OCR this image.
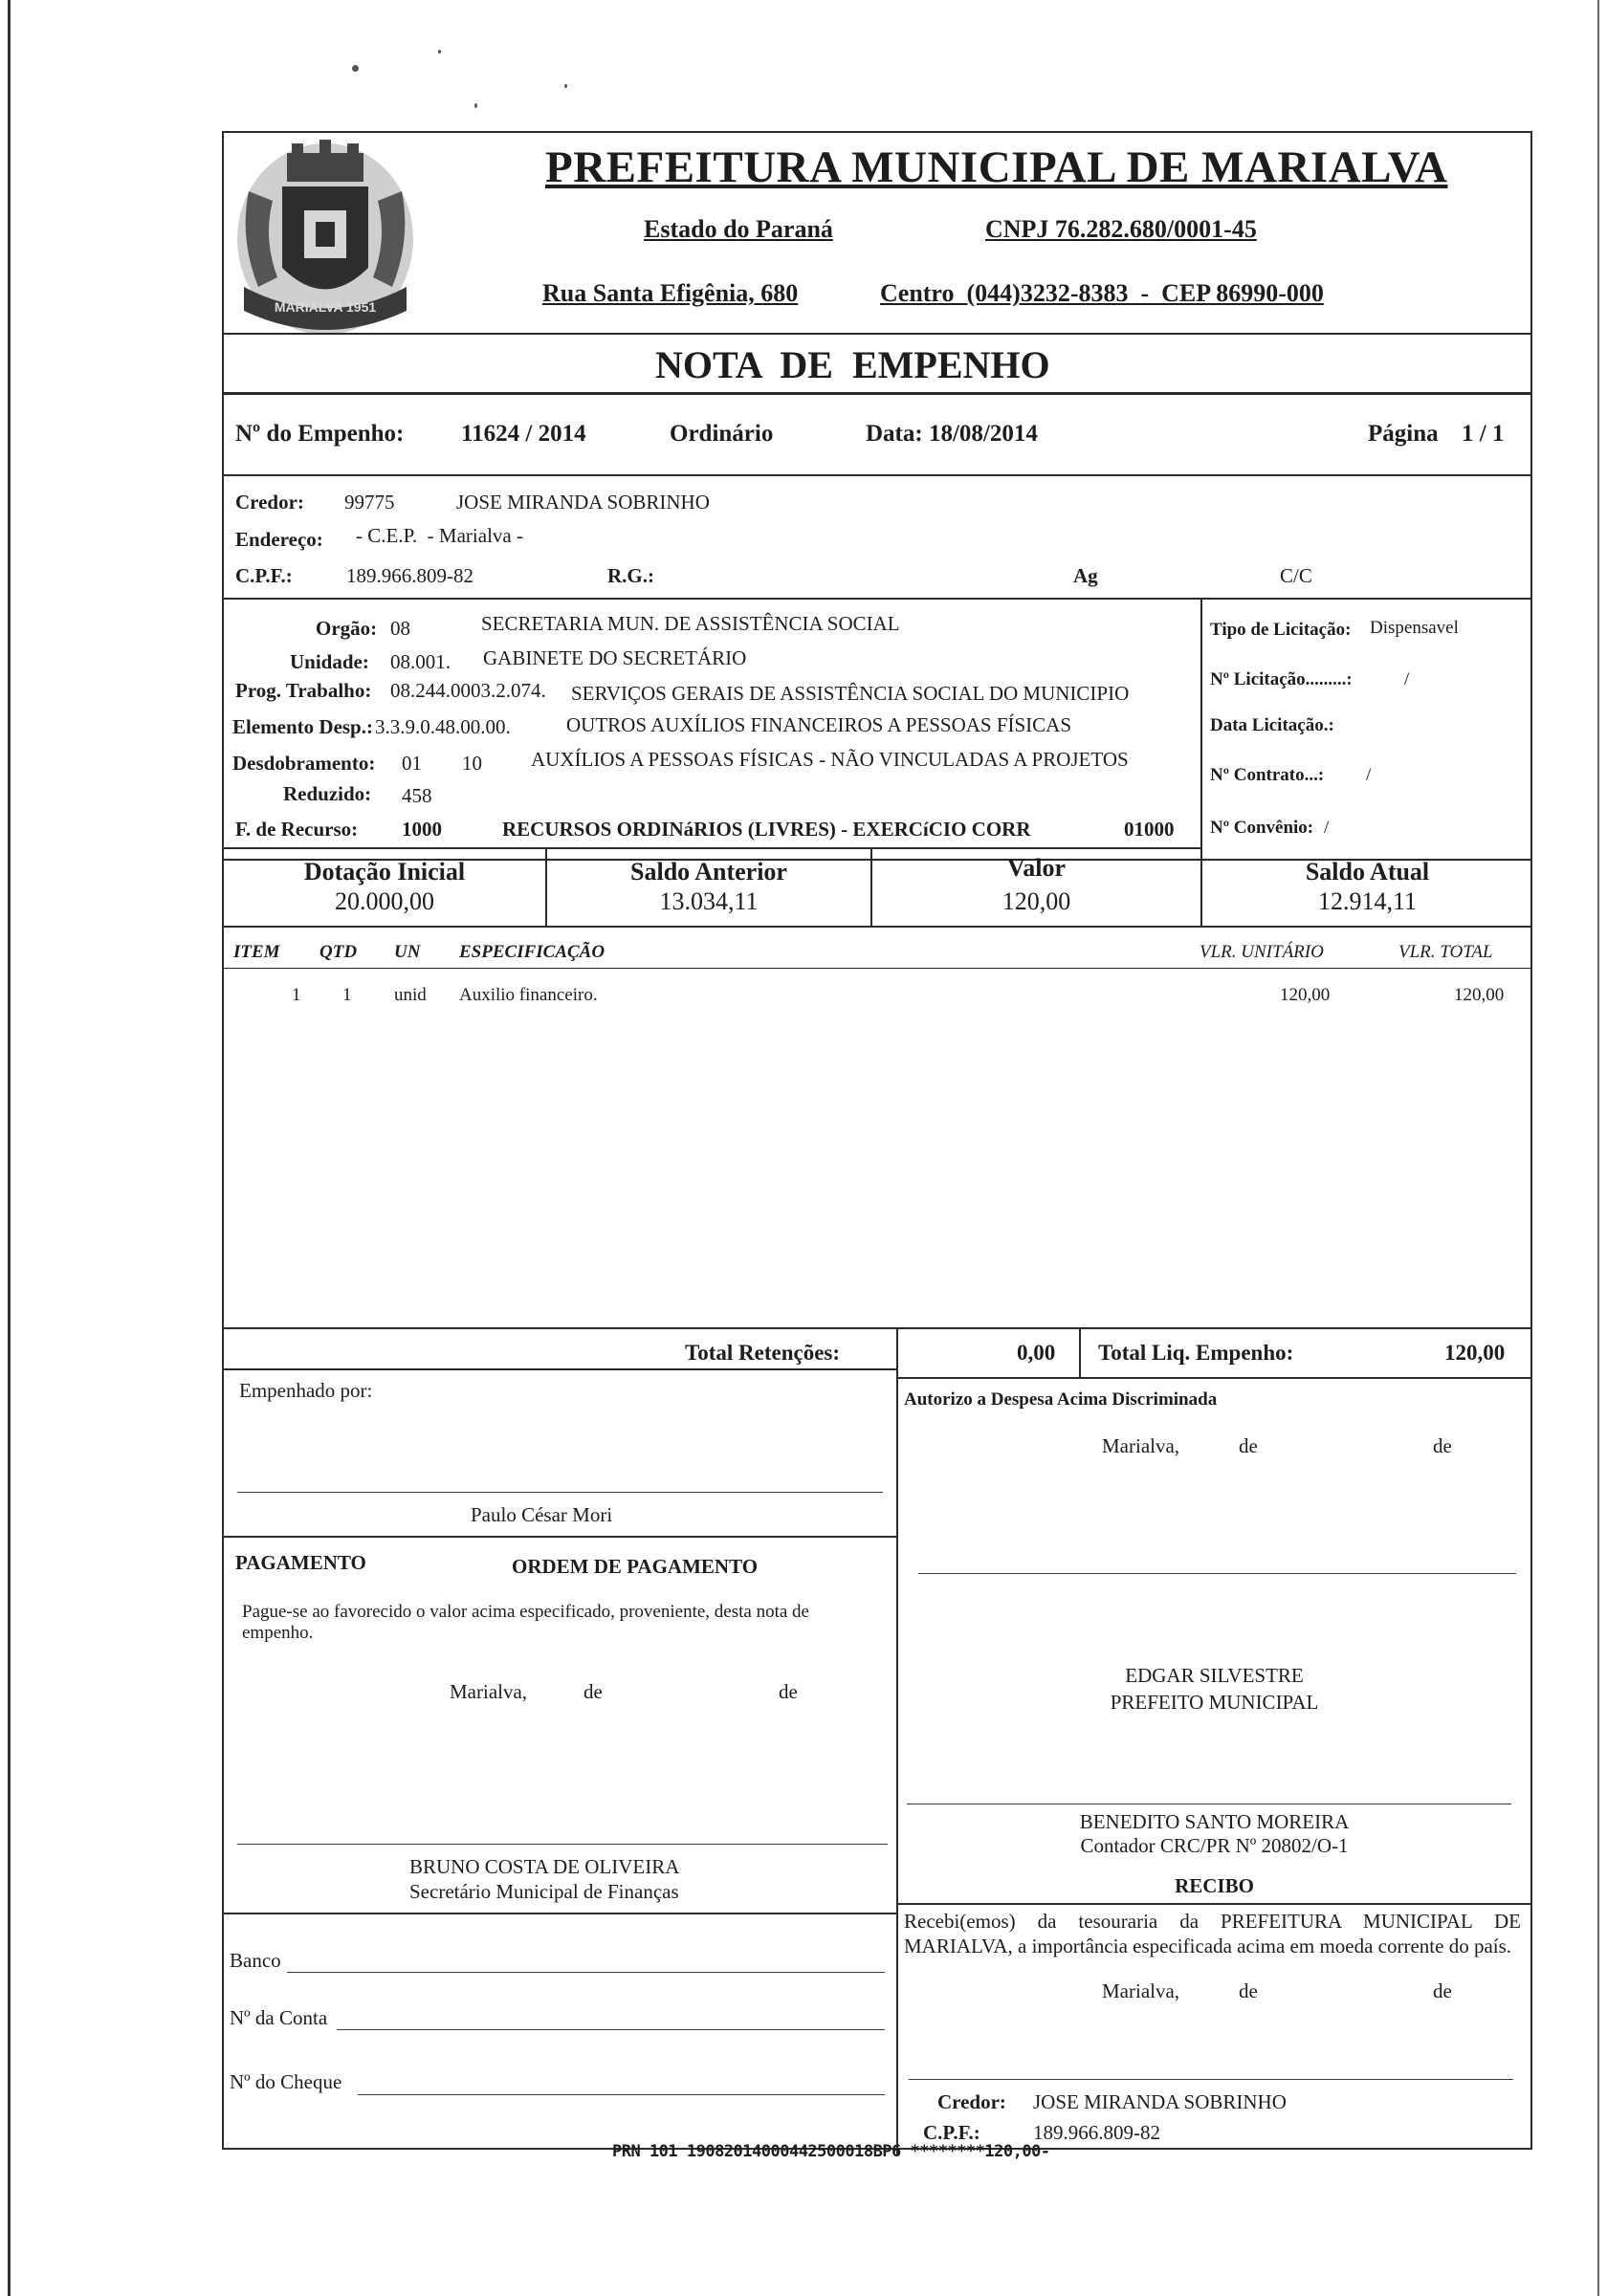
MARIALVA 1951
PREFEITURA MUNICIPAL DE MARIALVA
Estado do Paraná	CNPJ 76.282.680/0001-45
Rua Santa Efigênia, 680	Centro  (044)3232-8383  -  CEP 86990-000
NOTA  DE  EMPENHO
Nº do Empenho: 11624 / 2014	Ordinário	Data: 18/08/2014	Página 1 / 1
Credor: 99775	JOSE MIRANDA SOBRINHO
Endereço: - C.E.P.  - Marialva -
C.P.F.:	189.966.809-82	R.G.:	Ag	C/C
Orgão: 08	SECRETARIA MUN. DE ASSISTÊNCIA SOCIAL
Unidade: 08.001. GABINETE DO SECRETÁRIO
Prog. Trabalho: 08.244.0003.2.074. SERVIÇOS GERAIS DE ASSISTÊNCIA SOCIAL DO MUNICIPIO
Elemento Desp.: 3.3.9.0.48.00.00.	OUTROS AUXÍLIOS FINANCEIROS A PESSOAS FÍSICAS
Desdobramento: 01 10 AUXÍLIOS A PESSOAS FÍSICAS - NÃO VINCULADAS A PROJETOS
Reduzido: 458
F. de Recurso: 1000	RECURSOS ORDINáRIOS (LIVRES) - EXERCíCIO CORR	01000
Tipo de Licitação: Dispensavel
Nº Licitação.........:	/
Data Licitação.:
Nº Contrato...: /
Nº Convênio: /
Dotação Inicial
20.000,00
Saldo Anterior
13.034,11
Valor
120,00
Saldo Atual
12.914,11
ITEM QTD UN ESPECIFICAÇÃO	VLR. UNITÁRIO	VLR. TOTAL
1 1 unid Auxilio financeiro.	120,00	120,00
Total Retenções:	0,00 Total Liq. Empenho:	120,00
Empenhado por:
Paulo César Mori
Autorizo a Despesa Acima Discriminada
Marialva,	de	de
PAGAMENTO	ORDEM DE PAGAMENTO
Pague-se ao favorecido o valor acima especificado, proveniente, desta nota de empenho.
Marialva,	de	de
EDGAR SILVESTRE
PREFEITO MUNICIPAL
BENEDITO SANTO MOREIRA
Contador CRC/PR Nº 20802/O-1
BRUNO COSTA DE OLIVEIRA
Secretário Municipal de Finanças	RECIBO
Recebi(emos) da tesouraria da PREFEITURA MUNICIPAL DE MARIALVA, a importância especificada acima em moeda corrente do país.
Marialva,	de	de
Banco
Nº da Conta
Nº do Cheque
Credor: JOSE MIRANDA SOBRINHO
C.P.F.:	189.966.809-82
PRN 101 19082014000442500018BP6 ********120,00-
